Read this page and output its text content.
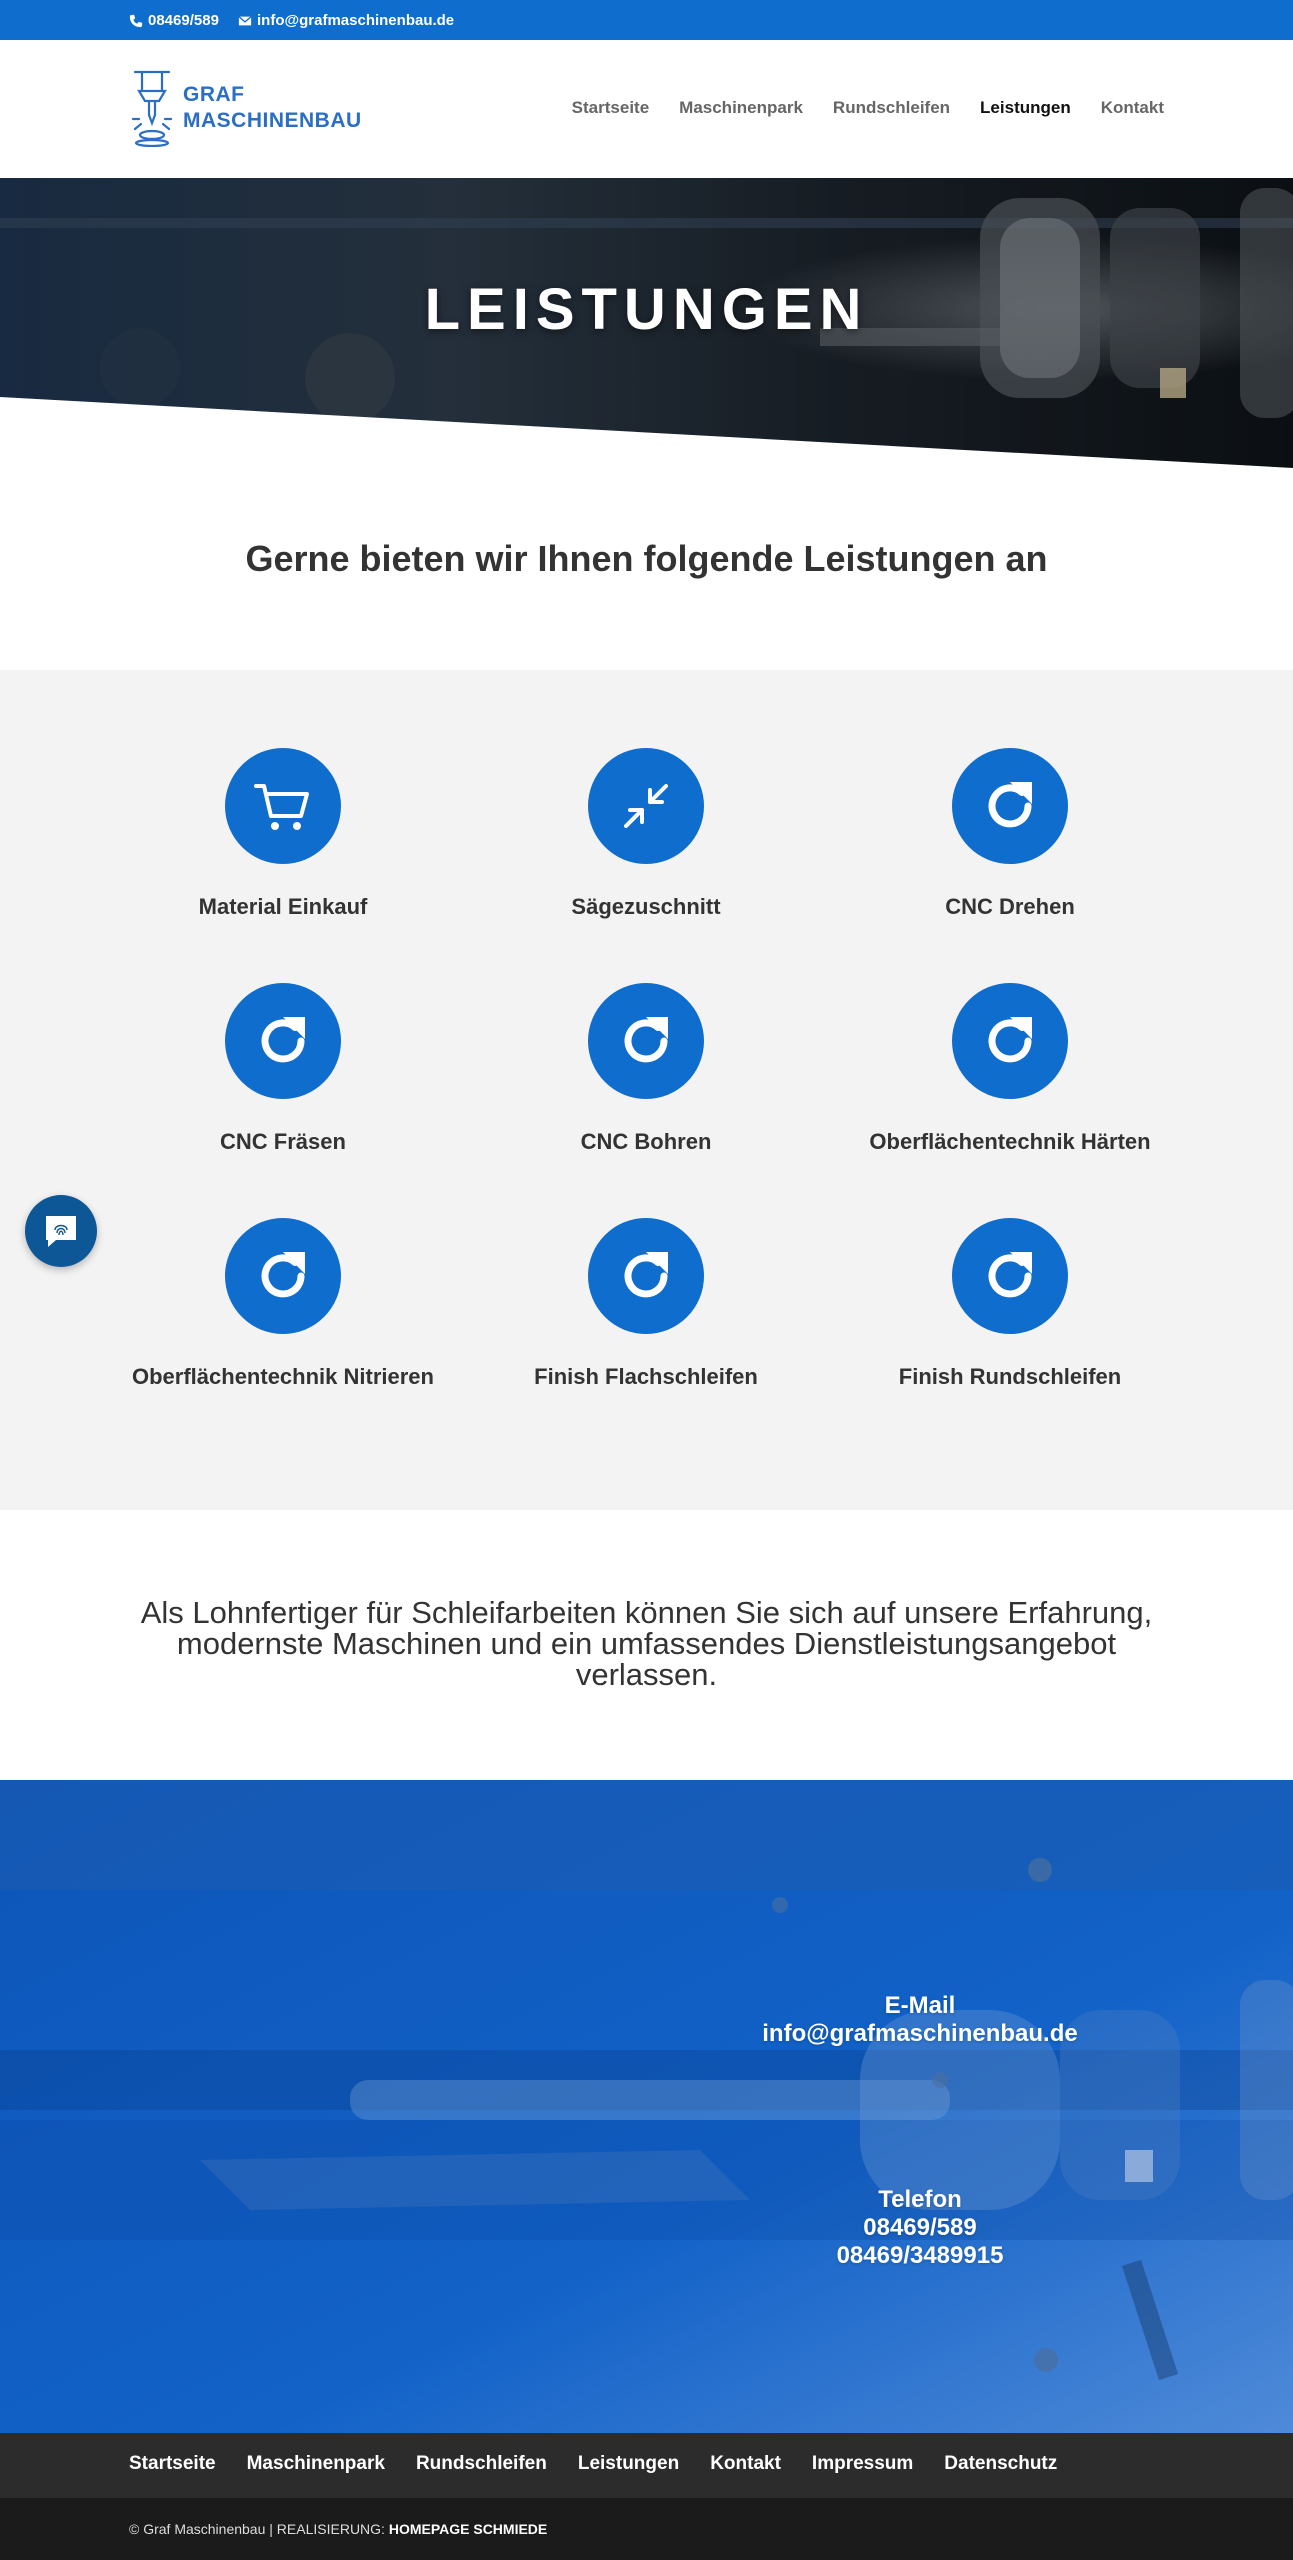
08469/589	info@grafmaschinenbau.de
GRAF
MASCHINENBAU
Startseite Maschinenpark Rundschleifen Leistungen Kontakt
LEISTUNGEN
Gerne bieten wir Ihnen folgende Leistungen an
Material Einkauf	Sägezuschnitt	CNC Drehen
CNC Fräsen	CNC Bohren	Oberflächentechnik Härten
Oberflächentechnik Nitrieren	Finish Flachschleifen	Finish Rundschleifen
Als Lohnfertiger für Schleifarbeiten können Sie sich auf unsere Erfahrung,
modernste Maschinen und ein umfassendes Dienstleistungsangebot
verlassen.
E-Mail
info@grafmaschinenbau.de
Telefon
08469/589
08469/3489915
Startseite Maschinenpark Rundschleifen Leistungen Kontakt Impressum Datenschutz
© Graf Maschinenbau | REALISIERUNG: HOMEPAGE SCHMIEDE
